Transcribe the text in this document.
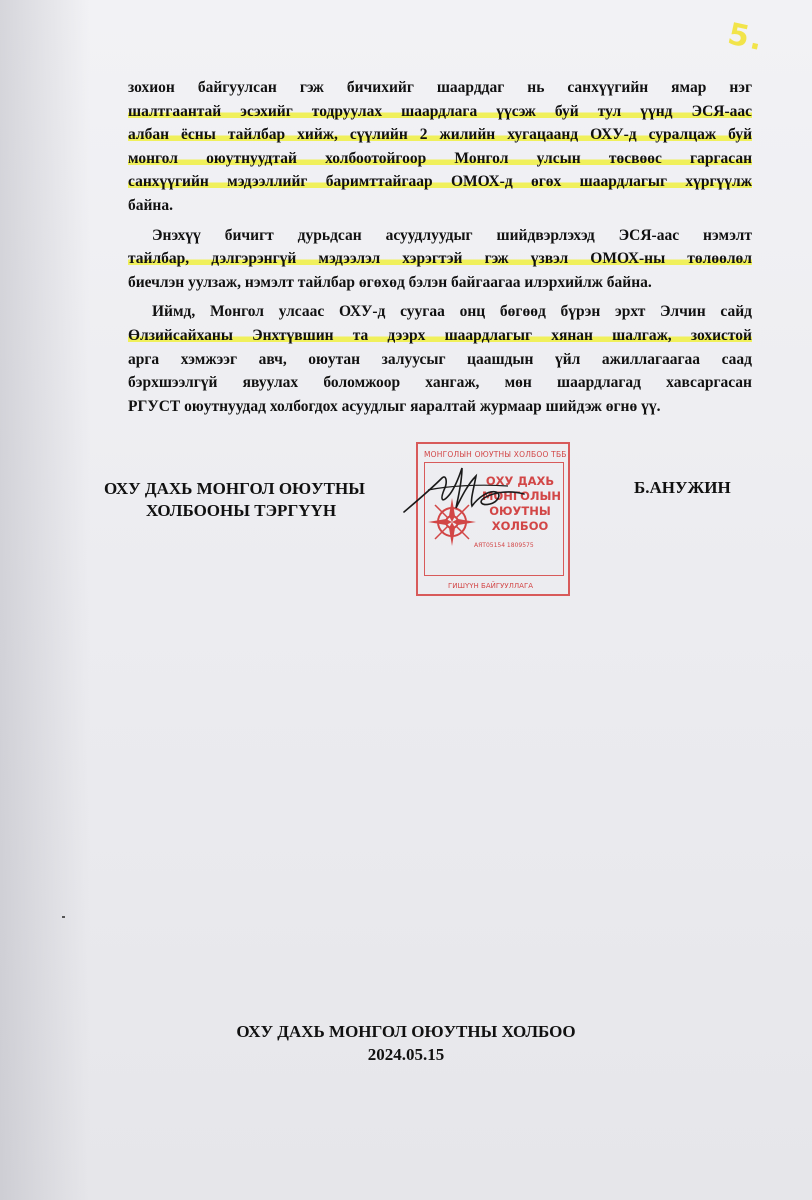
5.
зохион байгуулсан гэж бичихийг шаарддаг нь санхүүгийн ямар нэг
шалтгаантай эсэхийг тодруулах шаардлага үүсэж буй тул үүнд ЭСЯ-аас
албан ёсны тайлбар хийж, сүүлийн 2 жилийн хугацаанд ОХУ-д суралцаж буй
монгол оюутнуудтай холбоотойгоор Монгол улсын төсвөөс гаргасан
санхүүгийн мэдээллийг баримттайгаар ОМОХ-д өгөх шаардлагыг хүргүүлж
байна.
Энэхүү бичигт дурьдсан асуудлуудыг шийдвэрлэхэд ЭСЯ-аас нэмэлт
тайлбар, дэлгэрэнгүй мэдээлэл хэрэгтэй гэж үзвэл ОМОХ-ны төлөөлөл
биечлэн уулзаж, нэмэлт тайлбар өгөхөд бэлэн байгаагаа илэрхийлж байна.
Иймд, Монгол улсаас ОХУ-д суугаа онц бөгөөд бүрэн эрхт Элчин сайд
Өлзийсайханы Энхтүвшин та дээрх шаардлагыг хянан шалгаж, зохистой
арга хэмжээг авч, оюутан залуусыг цаашдын үйл ажиллагаагаа саад
бэрхшээлгүй явуулах боломжоор хангаж, мөн шаардлагад хавсаргасан
РГУСТ оюутнуудад холбогдох асуудлыг яаралтай журмаар шийдэж өгнө үү.
ОХУ ДАХЬ МОНГОЛ ОЮУТНЫ
ХОЛБООНЫ ТЭРГҮҮН
Б.АНУЖИН
МОНГОЛЫН ОЮУТНЫ ХОЛБОО ТББ
ОХУ ДАХЬ
МОНГОЛЫН
ОЮУТНЫ
ХОЛБОО
АЯТ05154 1809575
ГИШҮҮН БАЙГУУЛЛАГА
ОХУ ДАХЬ МОНГОЛ ОЮУТНЫ ХОЛБОО
2024.05.15
